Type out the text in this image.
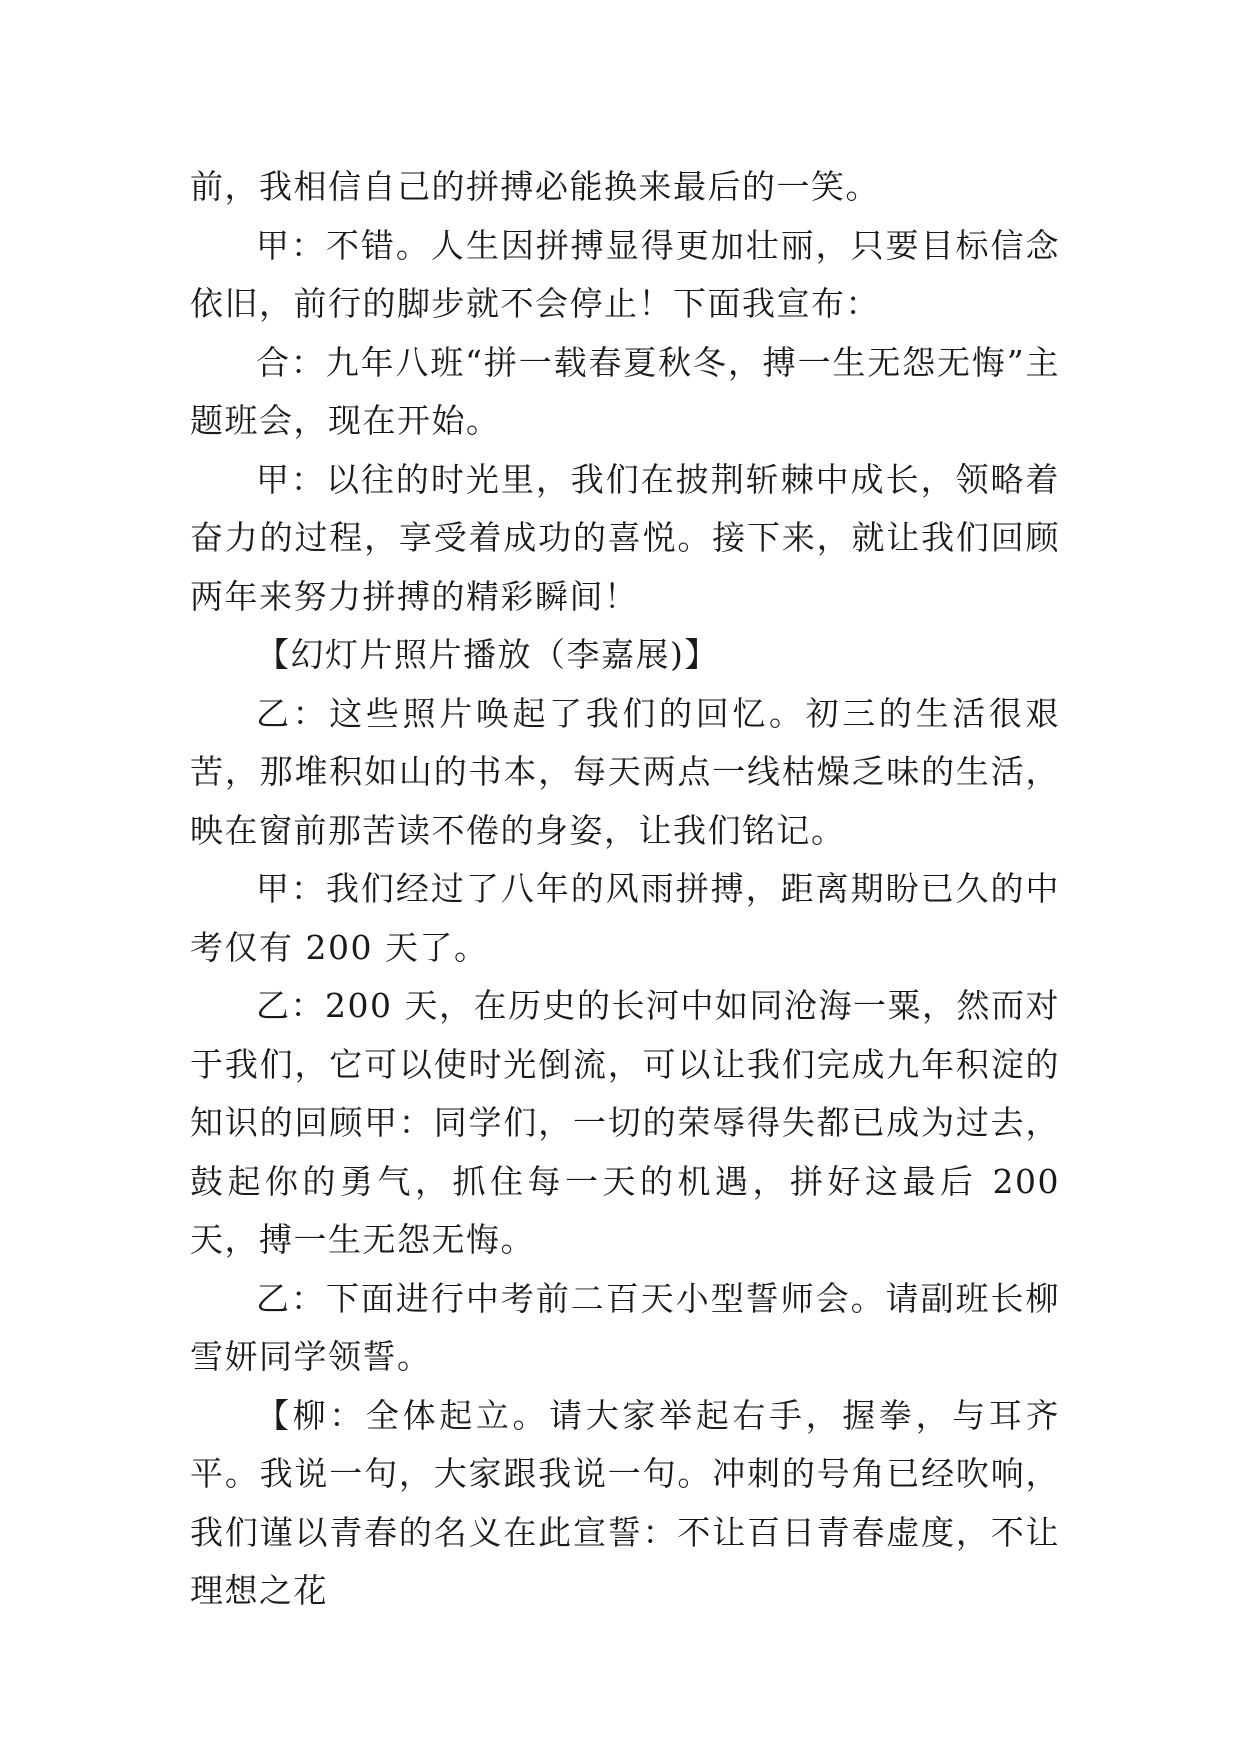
前，我相信自己的拼搏必能换来最后的一笑。

甲：不错。人生因拼搏显得更加壮丽，只要目标信念依旧，前行的脚步就不会停止！下面我宣布：

合：九年八班“拼一载春夏秋冬，搏一生无怨无悔”主题班会，现在开始。

甲：以往的时光里，我们在披荆斩棘中成长，领略着奋力的过程，享受着成功的喜悦。接下来，就让我们回顾两年来努力拼搏的精彩瞬间！

【幻灯片照片播放（李嘉展)】

乙：这些照片唤起了我们的回忆。初三的生活很艰苦，那堆积如山的书本，每天两点一线枯燥乏味的生活，映在窗前那苦读不倦的身姿，让我们铭记。

甲：我们经过了八年的风雨拼搏，距离期盼已久的中考仅有 200 天了。

乙：200 天，在历史的长河中如同沧海一粟，然而对于我们，它可以使时光倒流，可以让我们完成九年积淀的知识的回顾甲：同学们，一切的荣辱得失都已成为过去，鼓起你的勇气，抓住每一天的机遇，拼好这最后 200 天，搏一生无怨无悔。

乙：下面进行中考前二百天小型誓师会。请副班长柳雪妍同学领誓。

【柳：全体起立。请大家举起右手，握拳，与耳齐平。我说一句，大家跟我说一句。冲刺的号角已经吹响，我们谨以青春的名义在此宣誓：不让百日青春虚度，不让理想之花
